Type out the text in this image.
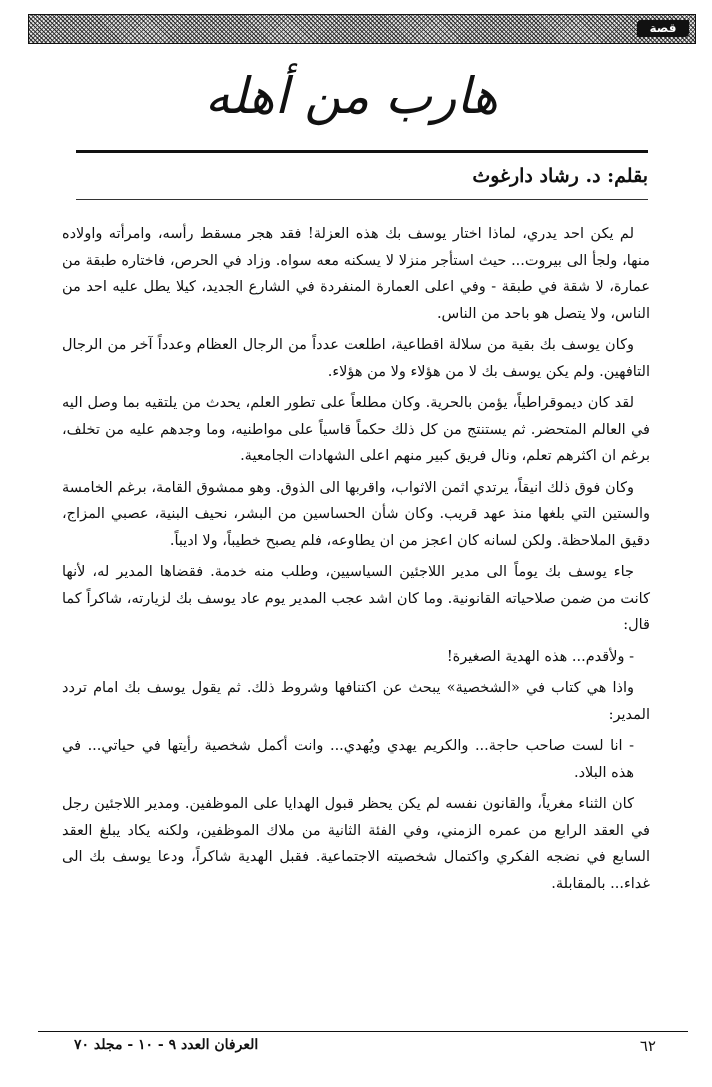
قصة
هارب من أهله
بقلم: د. رشاد دارغوث

لم يكن احد يدري، لماذا اختار يوسف بك هذه العزلة! فقد هجر مسقط رأسه، وامرأته واولاده منها، ولجأ الى بيروت... حيث استأجر منزلا لا يسكنه معه سواه. وزاد في الحرص، فاختاره طبقة من عمارة، لا شقة في طبقة - وفي اعلى العمارة المنفردة في الشارع الجديد، كيلا يطل عليه احد من الناس، ولا يتصل هو باحد من الناس.

وكان يوسف بك بقية من سلالة اقطاعية، اطلعت عدداً من الرجال العظام وعدداً آخر من الرجال التافهين. ولم يكن يوسف بك لا من هؤلاء ولا من هؤلاء.

لقد كان ديموقراطياً، يؤمن بالحرية. وكان مطلعاً على تطور العلم، يحدث من يلتقيه بما وصل اليه في العالم المتحضر. ثم يستنتج من كل ذلك حكماً قاسياً على مواطنيه، وما وجدهم عليه من تخلف، برغم ان اكثرهم تعلم، ونال فريق كبير منهم اعلى الشهادات الجامعية.

وكان فوق ذلك انيقاً، يرتدي اثمن الاثواب، واقربها الى الذوق. وهو ممشوق القامة، برغم الخامسة والستين التي بلغها منذ عهد قريب. وكان شأن الحساسين من البشر، نحيف البنية، عصبي المزاج، دقيق الملاحظة. ولكن لسانه كان اعجز من ان يطاوعه، فلم يصبح خطيباً، ولا اديباً.

جاء يوسف بك يوماً الى مدير اللاجئين السياسيين، وطلب منه خدمة. فقضاها المدير له، لأنها كانت من ضمن صلاحياته القانونية. وما كان اشد عجب المدير يوم عاد يوسف بك لزيارته، شاكراً كما قال:

- ولأقدم... هذه الهدية الصغيرة!

واذا هي كتاب في «الشخصية» يبحث عن اكتنافها وشروط ذلك. ثم يقول يوسف بك امام تردد المدير:

- انا لست صاحب حاجة... والكريم يهدي ويُهدي... وانت أكمل شخصية رأيتها في حياتي... في هذه البلاد.

كان الثناء مغرياً، والقانون نفسه لم يكن يحظر قبول الهدايا على الموظفين. ومدير اللاجئين رجل في العقد الرابع من عمره الزمني، وفي الفئة الثانية من ملاك الموظفين، ولكنه يكاد يبلغ العقد السابع في نضجه الفكري واكتمال شخصيته الاجتماعية. فقبل الهدية شاكراً، ودعا يوسف بك الى غداء... بالمقابلة.

العرفان العدد ٩ - ١٠ - مجلد ٧٠	٦٢
